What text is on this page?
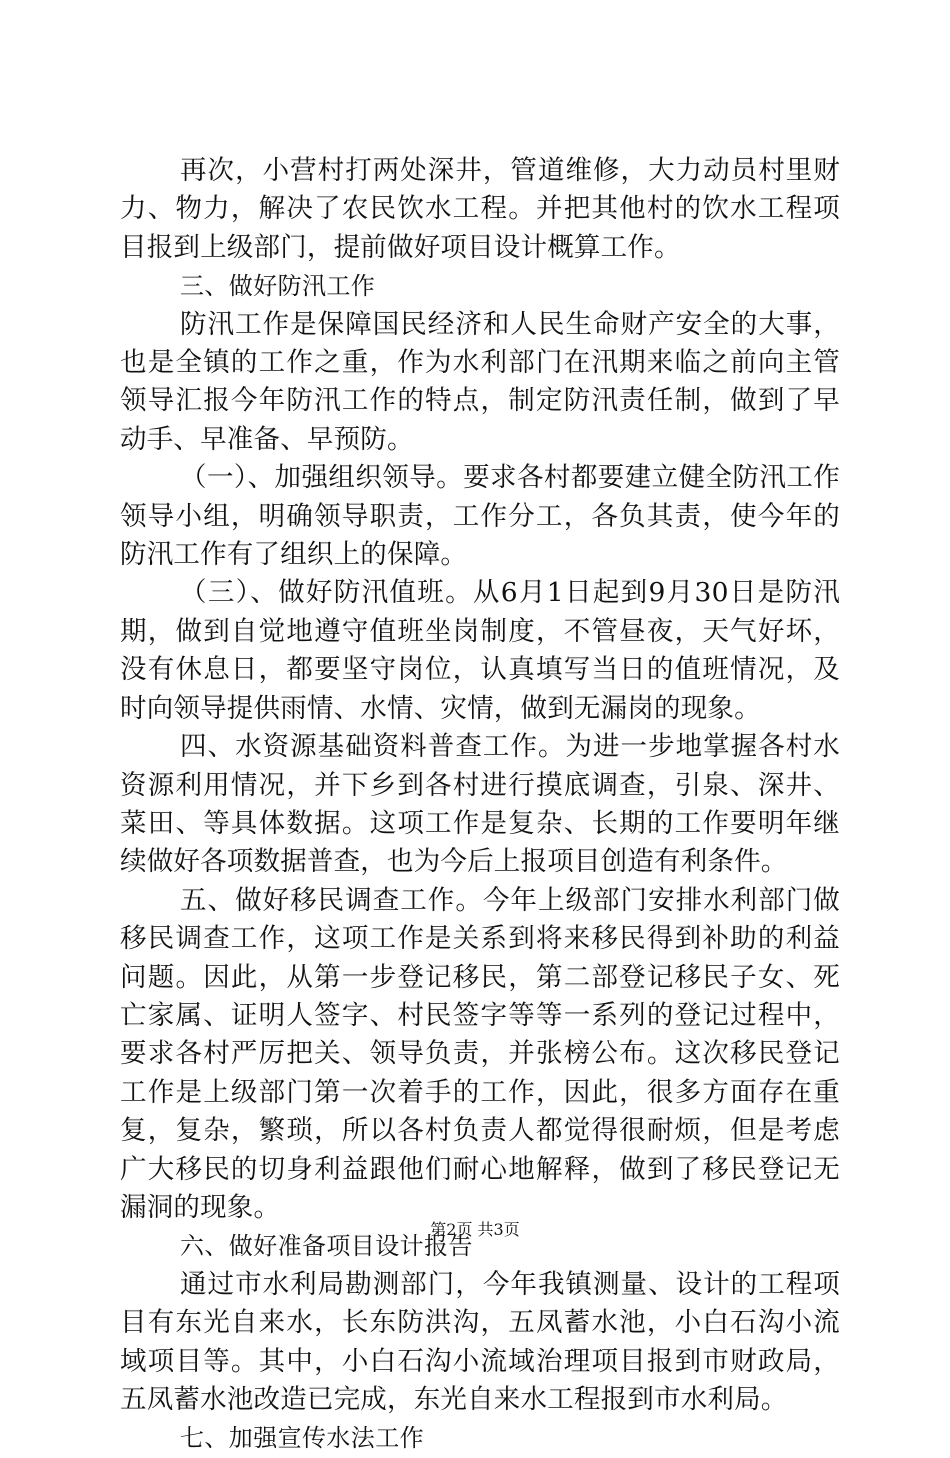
再次，小营村打两处深井，管道维修，大力动员村里财力、物力，解决了农民饮水工程。并把其他村的饮水工程项目报到上级部门，提前做好项目设计概算工作。

三、做好防汛工作

防汛工作是保障国民经济和人民生命财产安全的大事，也是全镇的工作之重，作为水利部门在汛期来临之前向主管领导汇报今年防汛工作的特点，制定防汛责任制，做到了早动手、早准备、早预防。

（一）、加强组织领导。要求各村都要建立健全防汛工作领导小组，明确领导职责，工作分工，各负其责，使今年的防汛工作有了组织上的保障。

（三）、做好防汛值班。从6月1日起到9月30日是防汛期，做到自觉地遵守值班坐岗制度，不管昼夜，天气好坏，没有休息日，都要坚守岗位，认真填写当日的值班情况，及时向领导提供雨情、水情、灾情，做到无漏岗的现象。

四、水资源基础资料普查工作。为进一步地掌握各村水资源利用情况，并下乡到各村进行摸底调查，引泉、深井、菜田、等具体数据。这项工作是复杂、长期的工作要明年继续做好各项数据普查，也为今后上报项目创造有利条件。

五、做好移民调查工作。今年上级部门安排水利部门做移民调查工作，这项工作是关系到将来移民得到补助的利益问题。因此，从第一步登记移民，第二部登记移民子女、死亡家属、证明人签字、村民签字等等一系列的登记过程中，要求各村严厉把关、领导负责，并张榜公布。这次移民登记工作是上级部门第一次着手的工作，因此，很多方面存在重复，复杂，繁琐，所以各村负责人都觉得很耐烦，但是考虑广大移民的切身利益跟他们耐心地解释，做到了移民登记无漏洞的现象。

六、做好准备项目设计报告

通过市水利局勘测部门，今年我镇测量、设计的工程项目有东光自来水，长东防洪沟，五凤蓄水池，小白石沟小流域项目等。其中，小白石沟小流域治理项目报到市财政局，五凤蓄水池改造已完成，东光自来水工程报到市水利局。

七、加强宣传水法工作

第2页 共3页
